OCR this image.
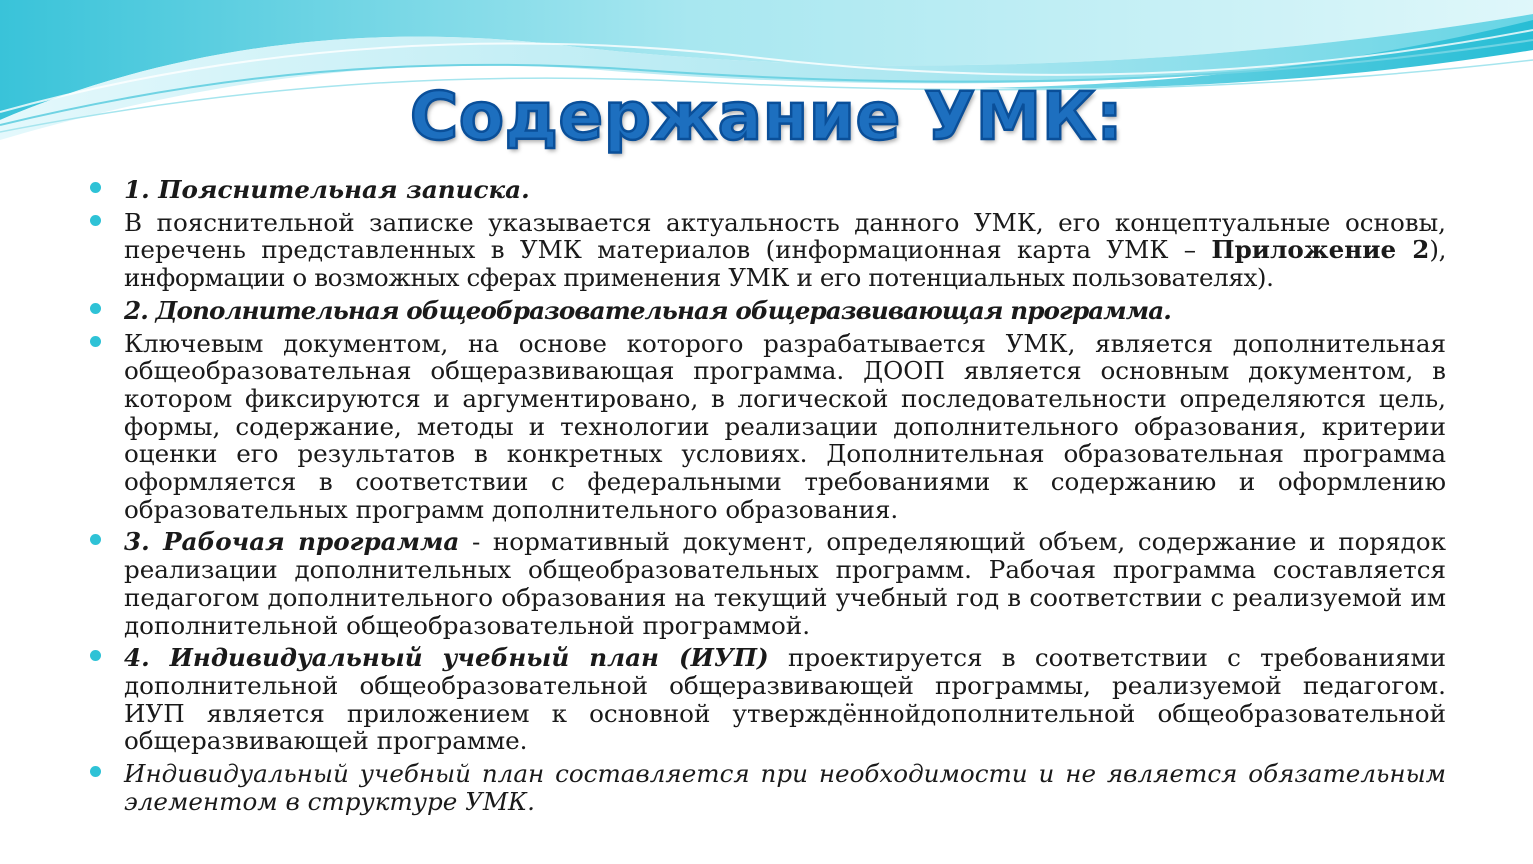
Содержание УМК:
1. Пояснительная записка.
В пояснительной записке указывается актуальность данного УМК, его концептуальные основы, перечень представленных в УМК материалов (информационная карта УМК – Приложение 2), информации о возможных сферах применения УМК и его потенциальных пользователях).
2. Дополнительная общеобразовательная общеразвивающая программа.
Ключевым документом, на основе которого разрабатывается УМК, является дополнительная общеобразовательная общеразвивающая программа. ДООП является основным документом, в котором фиксируются и аргументировано, в логической последовательности определяются цель, формы, содержание, методы и технологии реализации дополнительного образования, критерии оценки его результатов в конкретных условиях. Дополнительная образовательная программа оформляется в соответствии с федеральными требованиями к содержанию и оформлению образовательных программ дополнительного образования.
3. Рабочая программа - нормативный документ, определяющий объем, содержание и порядок реализации дополнительных общеобразовательных программ. Рабочая программа составляется педагогом дополнительного образования на текущий учебный год в соответствии с реализуемой им дополнительной общеобразовательной программой.
4. Индивидуальный учебный план (ИУП) проектируется в соответствии с требованиями дополнительной общеобразовательной общеразвивающей программы, реализуемой педагогом. ИУП является приложением к основной утверждённойдополнительной общеобразовательной общеразвивающей программе.
Индивидуальный учебный план составляется при необходимости и не является обязательным элементом в структуре УМК.
